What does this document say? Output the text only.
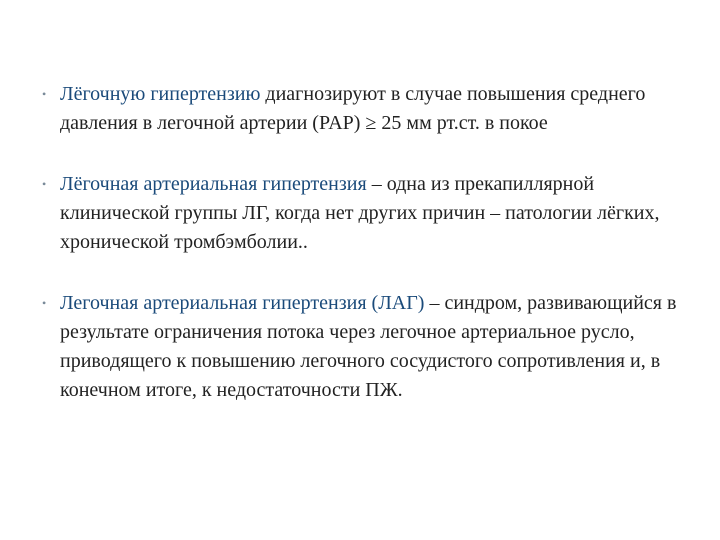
• Лёгочную гипертензию диагнозируют в случае повышения среднего давления в легочной артерии (PAP) ≥ 25 мм рт.ст. в покое
• Лёгочная артериальная гипертензия – одна из прекапиллярной клинической группы ЛГ, когда нет других причин – патологии лёгких, хронической тромбэмболии..
• Легочная артериальная гипертензия (ЛАГ) – синдром, развивающийся в результате ограничения потока через легочное артериальное русло, приводящего к повышению легочного сосудистого сопротивления и, в конечном итоге, к недостаточности ПЖ.
